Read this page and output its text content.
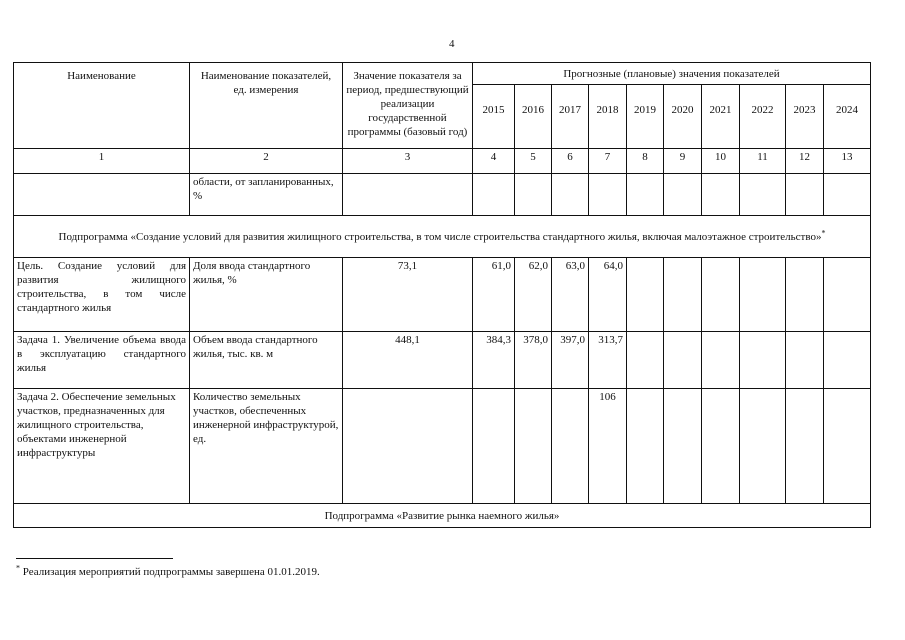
4
Наименование	Наименование показателей, ед. измерения	Значение показателя за период, предшествующий реализации государственной программы (базовый год)	Прогнозные (плановые) значения показателей									
			2015	2016	2017	2018	2019	2020	2021	2022	2023	2024
1	2	3	4	5	6	7	8	9	10	11	12	13
	области, от запланированных, %											
Подпрограмма «Создание условий для развития жилищного строительства, в том числе строительства стандартного жилья, включая малоэтажное строительство»*
Цель. Создание условий для развития жилищного строительства, в том числе стандартного жилья	Доля ввода стандартного жилья, %	73,1	61,0	62,0	63,0	64,0						
Задача 1. Увеличение объема ввода в эксплуатацию стандартного жилья	Объем ввода стандартного жилья, тыс. кв. м	448,1	384,3	378,0	397,0	313,7						
Задача 2. Обеспечение земельных участков, предназначенных для жилищного строительства, объектами инженерной инфраструктуры	Количество земельных участков, обеспеченных инженерной инфраструктурой, ед.					106						
Подпрограмма «Развитие рынка наемного жилья»												
* Реализация мероприятий подпрограммы завершена 01.01.2019.
